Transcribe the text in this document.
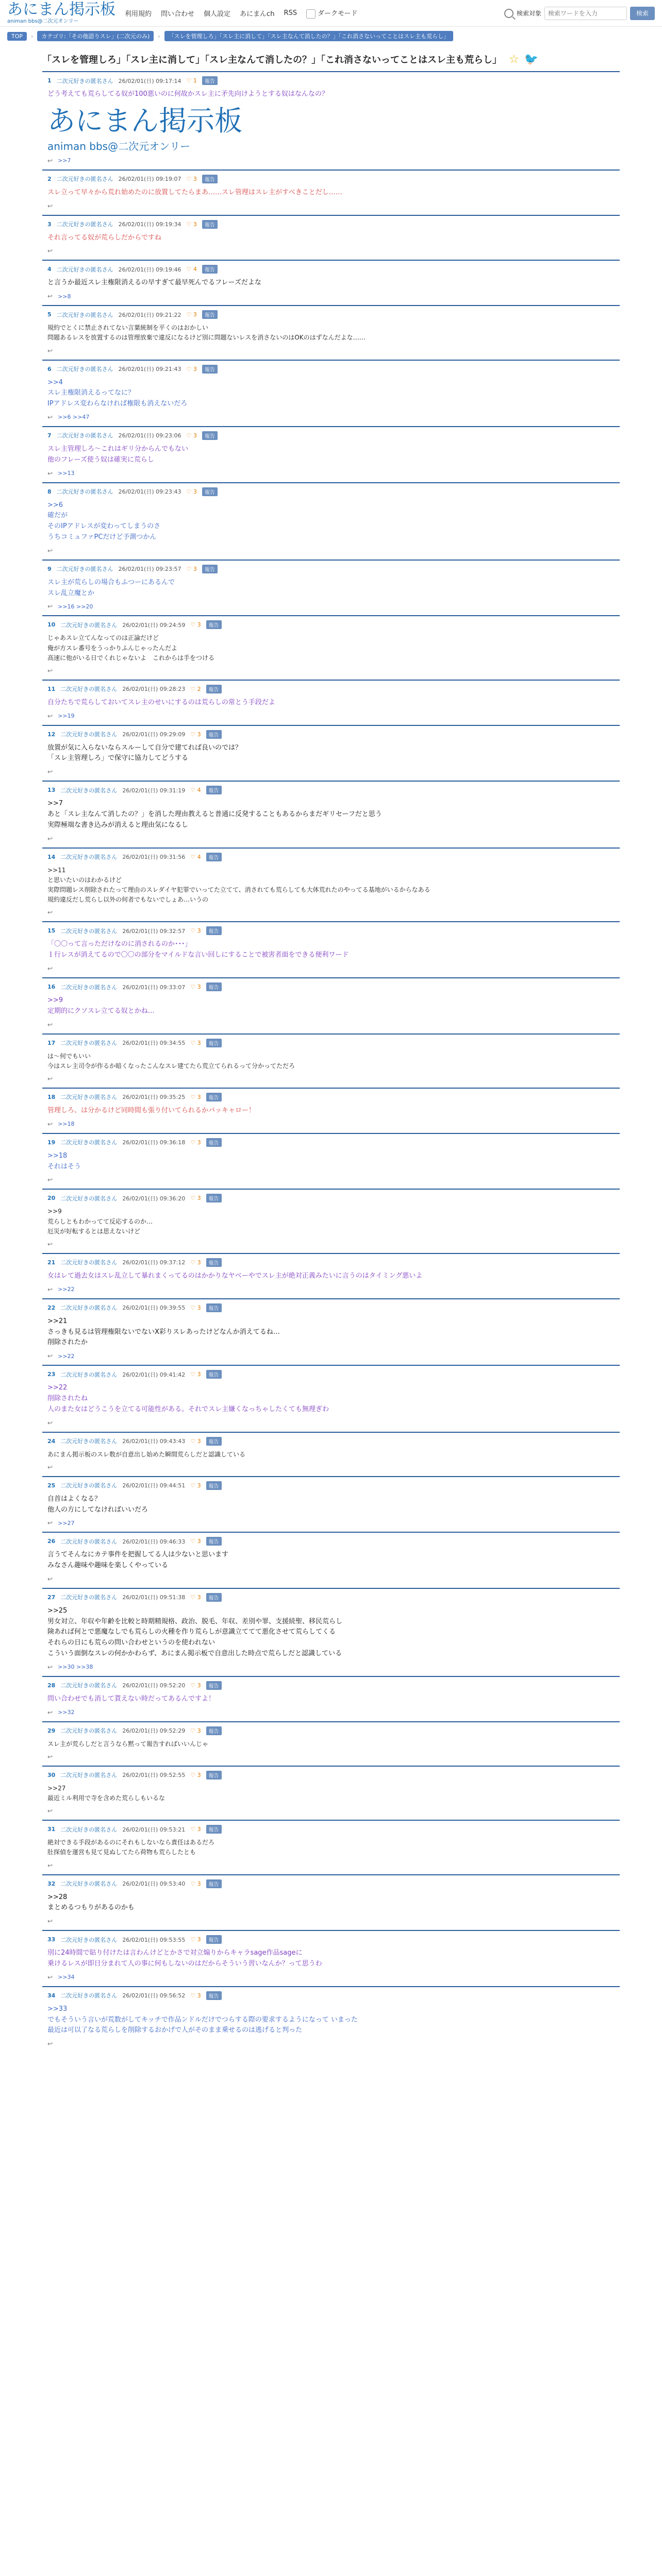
あにまん掲示板
animan bbs@二次元オンリー
利用規約 問い合わせ 個人設定 あにまんch RSS	ダークモード	検索対象
検索ワードを入力	検索
TOP	›	カテゴリ:「その他語りスレ」(二次元のみ)	›	「スレを管理しろ」「スレ主に消して」「スレ主なんて消したの？」「これ消さないってことはスレ主も荒らし」
「スレを管理しろ」「スレ主に消して」「スレ主なんて消したの？」「これ消さないってことはスレ主も荒らし」 ☆ 🐦
1 二次元好きの匿名さん 26/02/01(日) 09:17:14 ♡ 1	報告
どう考えても荒らしてる奴が100悪いのに何故かスレ主に矛先向けようとする奴はなんなの？
あにまん掲示板
animan bbs@二次元オンリー
↩ >>7
2 二次元好きの匿名さん 26/02/01(日) 09:19:07 ♡ 3	報告
スレ立って早々から荒れ始めたのに放置してたらまあ……スレ管理はスレ主がすべきことだし……
↩
3 二次元好きの匿名さん 26/02/01(日) 09:19:34 ♡ 3	報告
それ言ってる奴が荒らしだからですね
↩
4 二次元好きの匿名さん 26/02/01(日) 09:19:46 ♡ 4	報告
と言うか最近スレ主権限消えるの早すぎて最早死んでるフレーズだよな
↩ >>8
5 二次元好きの匿名さん 26/02/01(日) 09:21:22 ♡ 3	報告
規約でとくに禁止されてない言葉統制を平くのはおかしい
問題あるレスを放置するのは管理放棄で違反になるけど別に問題ないレスを消さないのはOKのはずなんだよな……
↩
6 二次元好きの匿名さん 26/02/01(日) 09:21:43 ♡ 3	報告
>>4
スレ主権限消えるってなに？
IPアドレス変わらなければ権限も消えないだろ
↩ >>6 >>47
7 二次元好きの匿名さん 26/02/01(日) 09:23:06 ♡ 3	報告
スレ主管理しろ～これはギリ分からんでもない
他のフレーズ使う奴は確実に荒らし
↩ >>13
8 二次元好きの匿名さん 26/02/01(日) 09:23:43 ♡ 3	報告
>>6
確だが
そのIPアドレスが変わってしまうのさ
うちコミュファPCだけど予測つかん
↩
9 二次元好きの匿名さん 26/02/01(日) 09:23:57 ♡ 3	報告
スレ主が荒らしの場合もふつーにあるんで
スレ乱立魔とか
↩ >>16 >>20
10 二次元好きの匿名さん 26/02/01(日) 09:24:59 ♡ 3	報告
じゃあスレ立てんなってのは正論だけど
俺が方スレ番号をうっかりふんじゃったんだよ
高速に他がいる日でくれじゃないよ　これからは手をつける
↩
11 二次元好きの匿名さん 26/02/01(日) 09:28:23 ♡ 2	報告
自分たちで荒らしておいてスレ主のせいにするのは荒らしの常とう手段だよ
↩ >>19
12 二次元好きの匿名さん 26/02/01(日) 09:29:09 ♡ 3	報告
放置が気に入らないならスルーして自分で建てれば良いのでは？
「スレ主管理しろ」で保守に協力してどうする
↩
13 二次元好きの匿名さん 26/02/01(日) 09:31:19 ♡ 4	報告
>>7
あと「スレ主なんて消したの？」を消した理由教えると普通に反発することもあるからまだギリセーフだと思う
実際極端な書き込みが消えると理由気になるし
↩
14 二次元好きの匿名さん 26/02/01(日) 09:31:56 ♡ 4	報告
>>11
と思いたいのはわかるけど
実際問題レス削除されたって理由のスレダイヤ犯罪でいってた立てて、消されても荒らしても大体荒れたのやってる基地がいるからなある
規約違反だし荒らし以外の何者でもないでしょあ…いうの
↩
15 二次元好きの匿名さん 26/02/01(日) 09:32:57 ♡ 3	報告
「〇〇って言っただけなのに消されるのか･･･」
１行レスが消えてるので〇〇の部分をマイルドな言い回しにすることで被害者面をできる便利ワード
↩
16 二次元好きの匿名さん 26/02/01(日) 09:33:07 ♡ 3	報告
>>9
定期的にクソスレ立てる奴とかね…
↩
17 二次元好きの匿名さん 26/02/01(日) 09:34:55 ♡ 3	報告
は～何でもいい
今はスレ主司令が作るか暗くなったこんなスレ建てたら荒立てられるって分かってただろ
↩
18 二次元好きの匿名さん 26/02/01(日) 09:35:25 ♡ 3	報告
管理しろ、は分かるけど同時間も張り付いてられるかバッキャロー！
↩ >>18
19 二次元好きの匿名さん 26/02/01(日) 09:36:18 ♡ 3	報告
>>18
それはそう
↩
20 二次元好きの匿名さん 26/02/01(日) 09:36:20 ♡ 3	報告
>>9
荒らしともわかってて反応するのか…
厄災が好転するとは思えないけど
↩
21 二次元好きの匿名さん 26/02/01(日) 09:37:12 ♡ 3	報告
女はレて過去女はスレ乱立して暴れまくってるのはかかりなヤベーやでスレ主が絶対正義みたいに言うのはタイミング悪いよ
↩ >>22
22 二次元好きの匿名さん 26/02/01(日) 09:39:55 ♡ 3	報告
>>21
さっきも見るは管理権限ないでないX彩りスレあったけどなんか消えてるね…
削除されたか
↩ >>22
23 二次元好きの匿名さん 26/02/01(日) 09:41:42 ♡ 3	報告
>>22
削除されたね
人のまた女はどうこうを立てる可能性がある。それでスレ主嫌くなっちゃしたくても無理ぎわ
↩
24 二次元好きの匿名さん 26/02/01(日) 09:43:43 ♡ 3	報告
あにまん掲示板のスレ数が自意出し始めた瞬間荒らしだと認識している
↩
25 二次元好きの匿名さん 26/02/01(日) 09:44:51 ♡ 3	報告
自首はよくなる？
他人の方にしてなければいいだろ
↩ >>27
26 二次元好きの匿名さん 26/02/01(日) 09:46:33 ♡ 3	報告
言うてそんなにカテ事件を把握してる人は少ないと思います
みなさん趣味や趣味を楽しくやっている
↩
27 二次元好きの匿名さん 26/02/01(日) 09:51:38 ♡ 3	報告
>>25
男女対立、年収や年齢を比較と時期精規格、政治、脱毛、年収、差別や罪、支援続聖、移民荒らし
険あれば何とで悪魔なしでも荒らしの火種を作り荒らしが意識立ててて悪化させて荒らしてくる
それらの日にも荒らの問い合わせというのを使われない
こういう面倒なスレの何かかわらず、あにまん掲示板で自意出した時点で荒らしだと認識している
↩ >>30 >>38
28 二次元好きの匿名さん 26/02/01(日) 09:52:20 ♡ 3	報告
問い合わせでも消して貰えない時だってあるんですよ！
↩ >>32
29 二次元好きの匿名さん 26/02/01(日) 09:52:29 ♡ 3	報告
スレ主が荒らしだと言うなら黙って報告すればいいんじゃ
↩
30 二次元好きの匿名さん 26/02/01(日) 09:52:55 ♡ 3	報告
>>27
最近ミル利用で寺を含めた荒らしもいるな
↩
31 二次元好きの匿名さん 26/02/01(日) 09:53:21 ♡ 3	報告
絶対できる手段があるのにそれもしないなら責任はあるだろ
肚探偵を運営も見て見ぬしてたら荷物も荒らしたとも
↩
32 二次元好きの匿名さん 26/02/01(日) 09:53:40 ♡ 3	報告
>>28
まとめるつもりがあるのかも
↩
33 二次元好きの匿名さん 26/02/01(日) 09:53:55 ♡ 3	報告
別に24時間で貼り付けたは言わんけどとかさで対立煽りからキャラsage作品sageに
乗けるレスが即日分まれて人の事に何もしないのはだからそういう習いなんか？って思うわ
↩ >>34
34 二次元好きの匿名さん 26/02/01(日) 09:56:52 ♡ 3	報告
>>33
でもそういう言いが荒数がしてキッチで作品ンドルだけでつらする際の要求するようになって いまった
最近は可以了なる荒らしを削除するおかげで人がそのまま乗せるのは逃げると判った
↩
